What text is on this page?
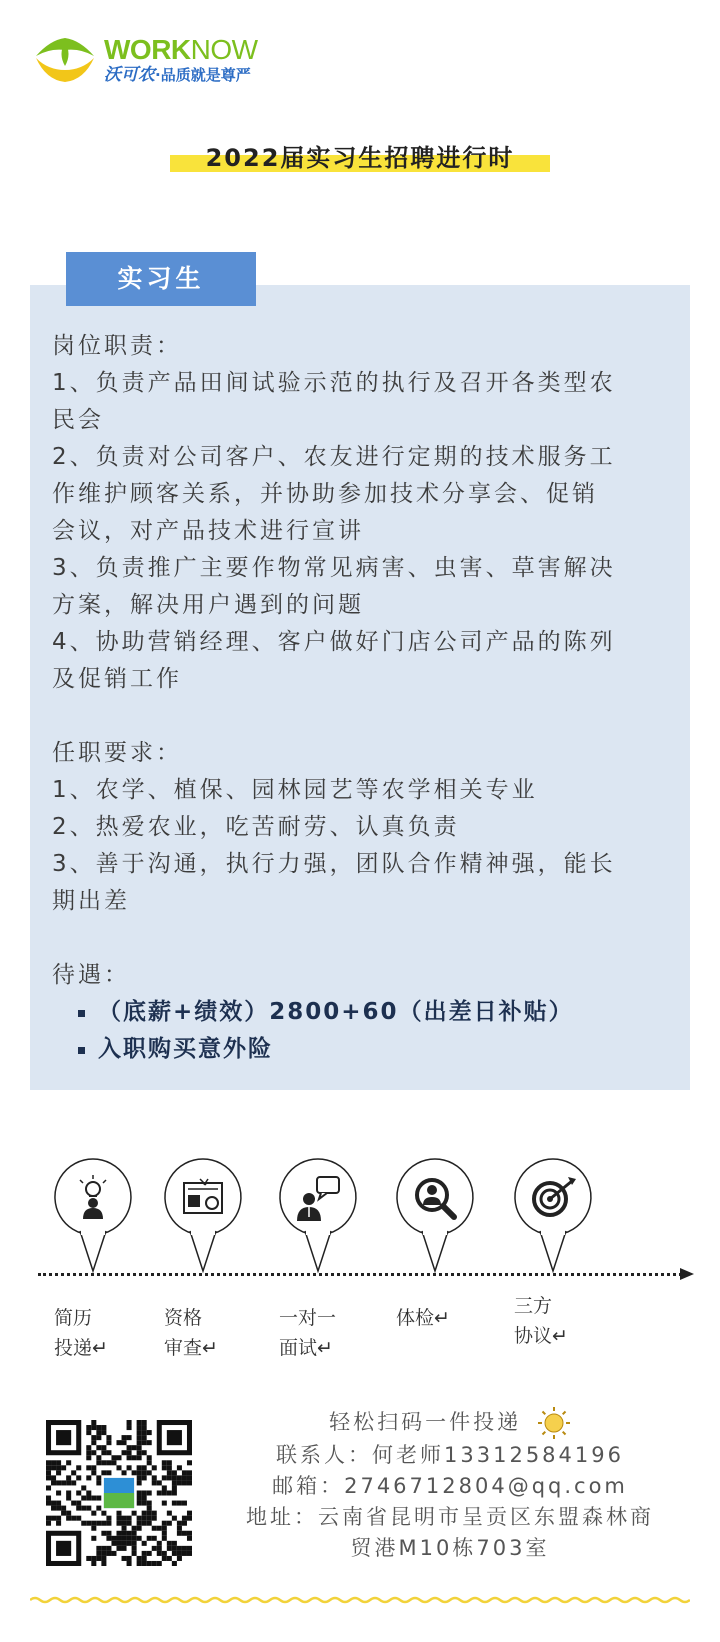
WORKNOW
沃可农·品质就是尊严
2022届实习生招聘进行时
实习生

岗位职责：

1、负责产品田间试验示范的执行及召开各类型农

民会

2、负责对公司客户、农友进行定期的技术服务工

作维护顾客关系，并协助参加技术分享会、促销

会议，对产品技术进行宣讲

3、负责推广主要作物常见病害、虫害、草害解决

方案，解决用户遇到的问题

4、协助营销经理、客户做好门店公司产品的陈列

及促销工作

任职要求：

1、农学、植保、园林园艺等农学相关专业

2、热爱农业，吃苦耐劳、认真负责

3、善于沟通，执行力强，团队合作精神强，能长

期出差

待遇：

（底薪+绩效）2800+60（出差日补贴）
入职购买意外险
简历
投递↵
资格
审查↵
一对一
面试↵
体检↵
三方
协议↵
轻松扫码一件投递
联系人：何老师13312584196
邮箱：2746712804@qq.com
地址：云南省昆明市呈贡区东盟森林商
贸港M10栋703室
